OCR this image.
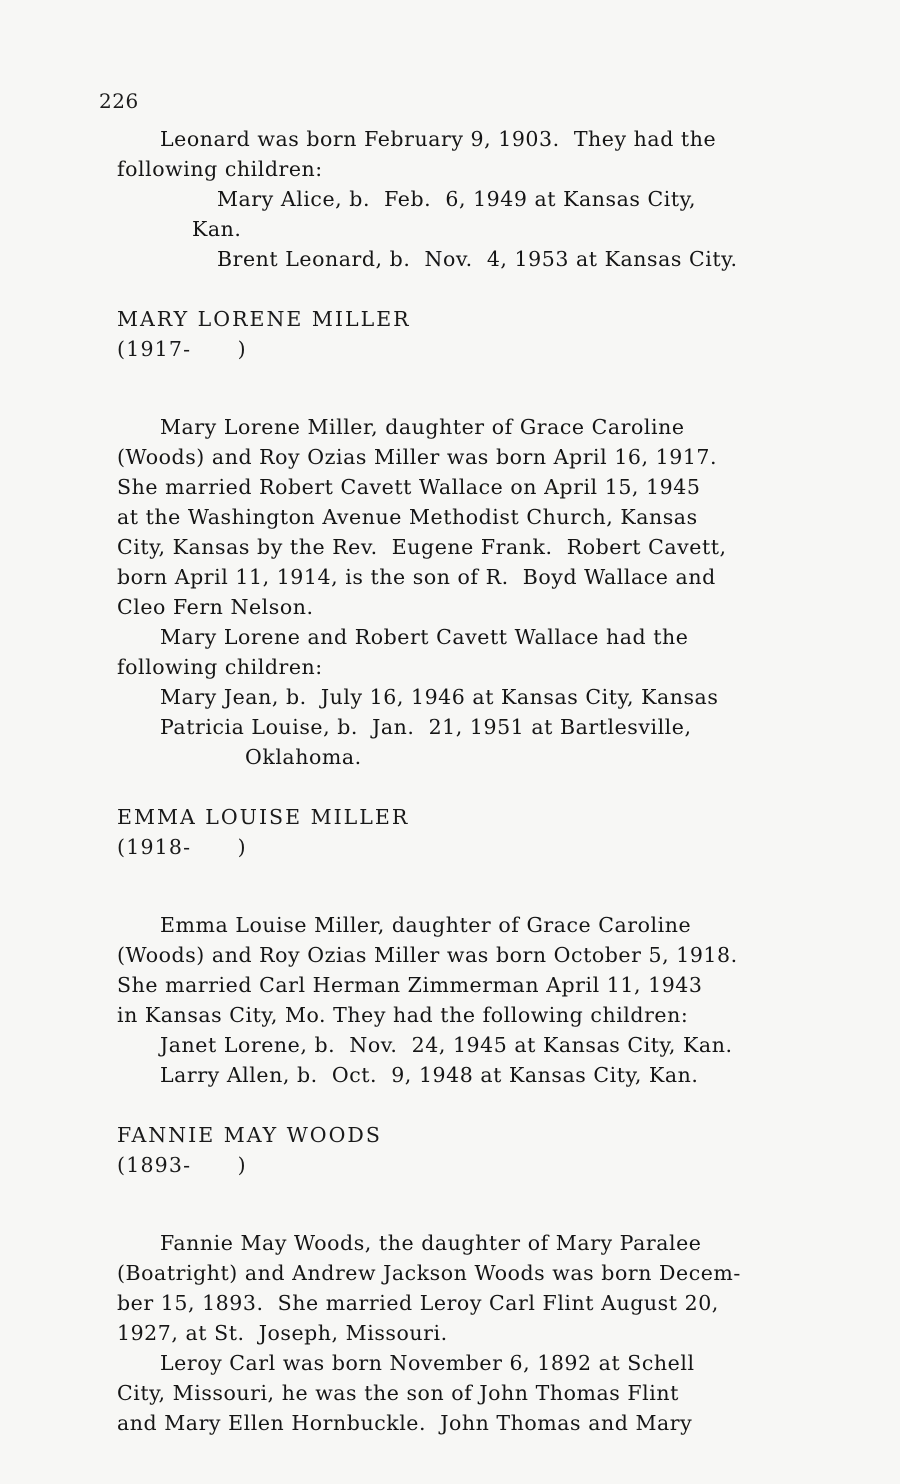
226
Leonard was born February 9, 1903.  They had the
following children:
Mary Alice, b.  Feb.  6, 1949 at Kansas City,
Kan.
Brent Leonard, b.  Nov.  4, 1953 at Kansas City.
MARY LORENE MILLER
(1917-      )
Mary Lorene Miller, daughter of Grace Caroline
(Woods) and Roy Ozias Miller was born April 16, 1917.
She married Robert Cavett Wallace on April 15, 1945
at the Washington Avenue Methodist Church, Kansas
City, Kansas by the Rev.  Eugene Frank.  Robert Cavett,
born April 11, 1914, is the son of R.  Boyd Wallace and
Cleo Fern Nelson.
Mary Lorene and Robert Cavett Wallace had the
following children:
Mary Jean, b.  July 16, 1946 at Kansas City, Kansas
Patricia Louise, b.  Jan.  21, 1951 at Bartlesville,
Oklahoma.
EMMA LOUISE MILLER
(1918-      )
Emma Louise Miller, daughter of Grace Caroline
(Woods) and Roy Ozias Miller was born October 5, 1918.
She married Carl Herman Zimmerman April 11, 1943
in Kansas City, Mo. They had the following children:
Janet Lorene, b.  Nov.  24, 1945 at Kansas City, Kan.
Larry Allen, b.  Oct.  9, 1948 at Kansas City, Kan.
FANNIE MAY WOODS
(1893-      )
Fannie May Woods, the daughter of Mary Paralee
(Boatright) and Andrew Jackson Woods was born Decem-
ber 15, 1893.  She married Leroy Carl Flint August 20,
1927, at St.  Joseph, Missouri.
Leroy Carl was born November 6, 1892 at Schell
City, Missouri, he was the son of John Thomas Flint
and Mary Ellen Hornbuckle.  John Thomas and Mary
